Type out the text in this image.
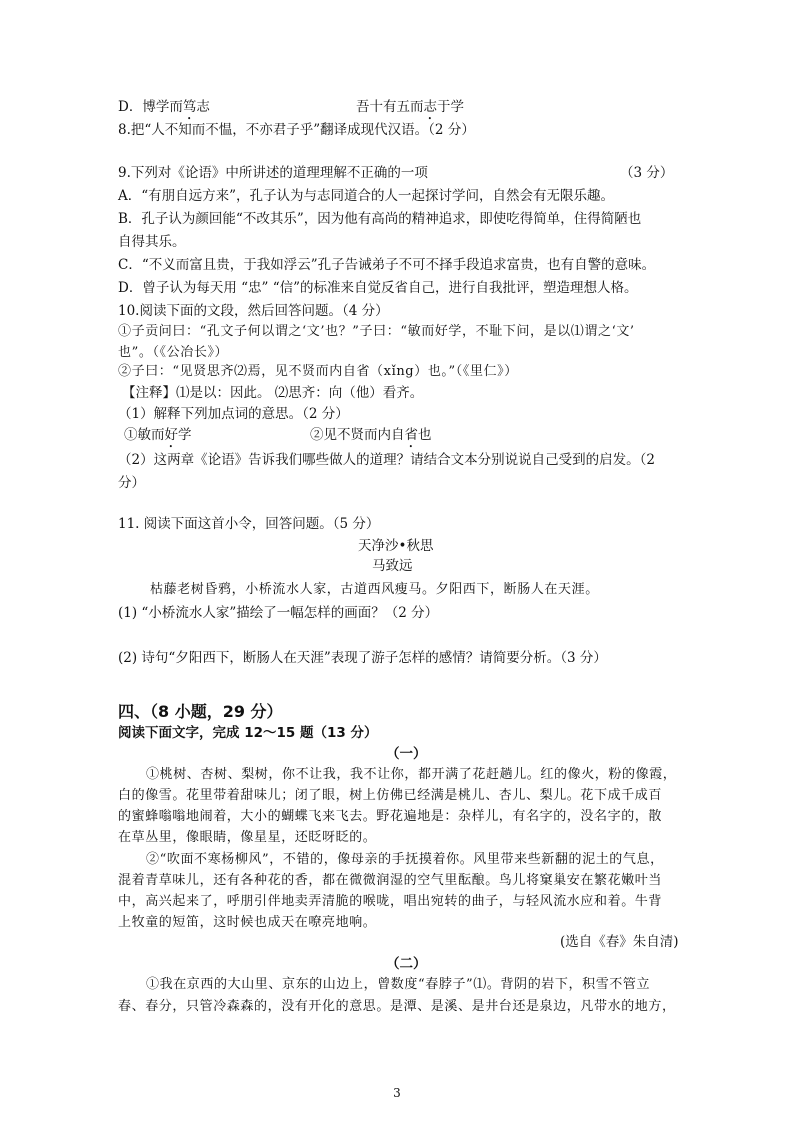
D．博学而笃志	吾十有五而志于学
8.把“人不知而不愠，不亦君子乎”翻译成现代汉语。（2 分）
9.下列对《论语》中所讲述的道理理解不正确的一项	（3 分）
A．“有朋自远方来”，孔子认为与志同道合的人一起探讨学问，自然会有无限乐趣。
B．孔子认为颜回能“不改其乐”，因为他有高尚的精神追求，即使吃得简单，住得简陋也
自得其乐。
C．“不义而富且贵，于我如浮云”孔子告诫弟子不可不择手段追求富贵，也有自警的意味。
D．曾子认为每天用 “忠” “信”的标准来自觉反省自己，进行自我批评，塑造理想人格。
10.阅读下面的文段，然后回答问题。（4 分）
①子贡问曰：“孔文子何以谓之‘文’也？”子曰：“敏而好学，不耻下问，是以⑴谓之‘文’
也”。（《公冶长》）
②子曰：“见贤思齐⑵焉，见不贤而内自省（xǐng）也。”（《里仁》）
【注释】⑴是以：因此。 ⑵思齐：向（他）看齐。
（1）解释下列加点词的意思。（2 分）
①敏而好学	②见不贤而内自省也
（2）这两章《论语》告诉我们哪些做人的道理？请结合文本分别说说自己受到的启发。（2
分）
11. 阅读下面这首小令，回答问题。（5 分）
天净沙•秋思
马致远
枯藤老树昏鸦，小桥流水人家，古道西风瘦马。夕阳西下，断肠人在天涯。
(1) “小桥流水人家”描绘了一幅怎样的画面？（2 分）
(2) 诗句“夕阳西下，断肠人在天涯”表现了游子怎样的感情？请简要分析。（3 分）
四、（8 小题，29 分）
阅读下面文字，完成 12～15 题（13 分）
（一）
①桃树、杏树、梨树，你不让我，我不让你，都开满了花赶趟儿。红的像火，粉的像霞，
白的像雪。花里带着甜味儿；闭了眼，树上仿佛已经满是桃儿、杏儿、梨儿。花下成千成百
的蜜蜂嗡嗡地闹着，大小的蝴蝶飞来飞去。野花遍地是：杂样儿，有名字的，没名字的，散
在草丛里，像眼睛，像星星，还眨呀眨的。
②“吹面不寒杨柳风”，不错的，像母亲的手抚摸着你。风里带来些新翻的泥土的气息，
混着青草味儿，还有各种花的香，都在微微润湿的空气里酝酿。鸟儿将窠巢安在繁花嫩叶当
中，高兴起来了，呼朋引伴地卖弄清脆的喉咙，唱出宛转的曲子，与轻风流水应和着。牛背
上牧童的短笛，这时候也成天在嘹亮地响。
(选自《春》朱自清)
（二）
①我在京西的大山里、京东的山边上，曾数度“春脖子”⑴。背阴的岩下，积雪不管立
春、春分，只管冷森森的，没有开化的意思。是潭、是溪、是井台还是泉边，凡带水的地方，
3
